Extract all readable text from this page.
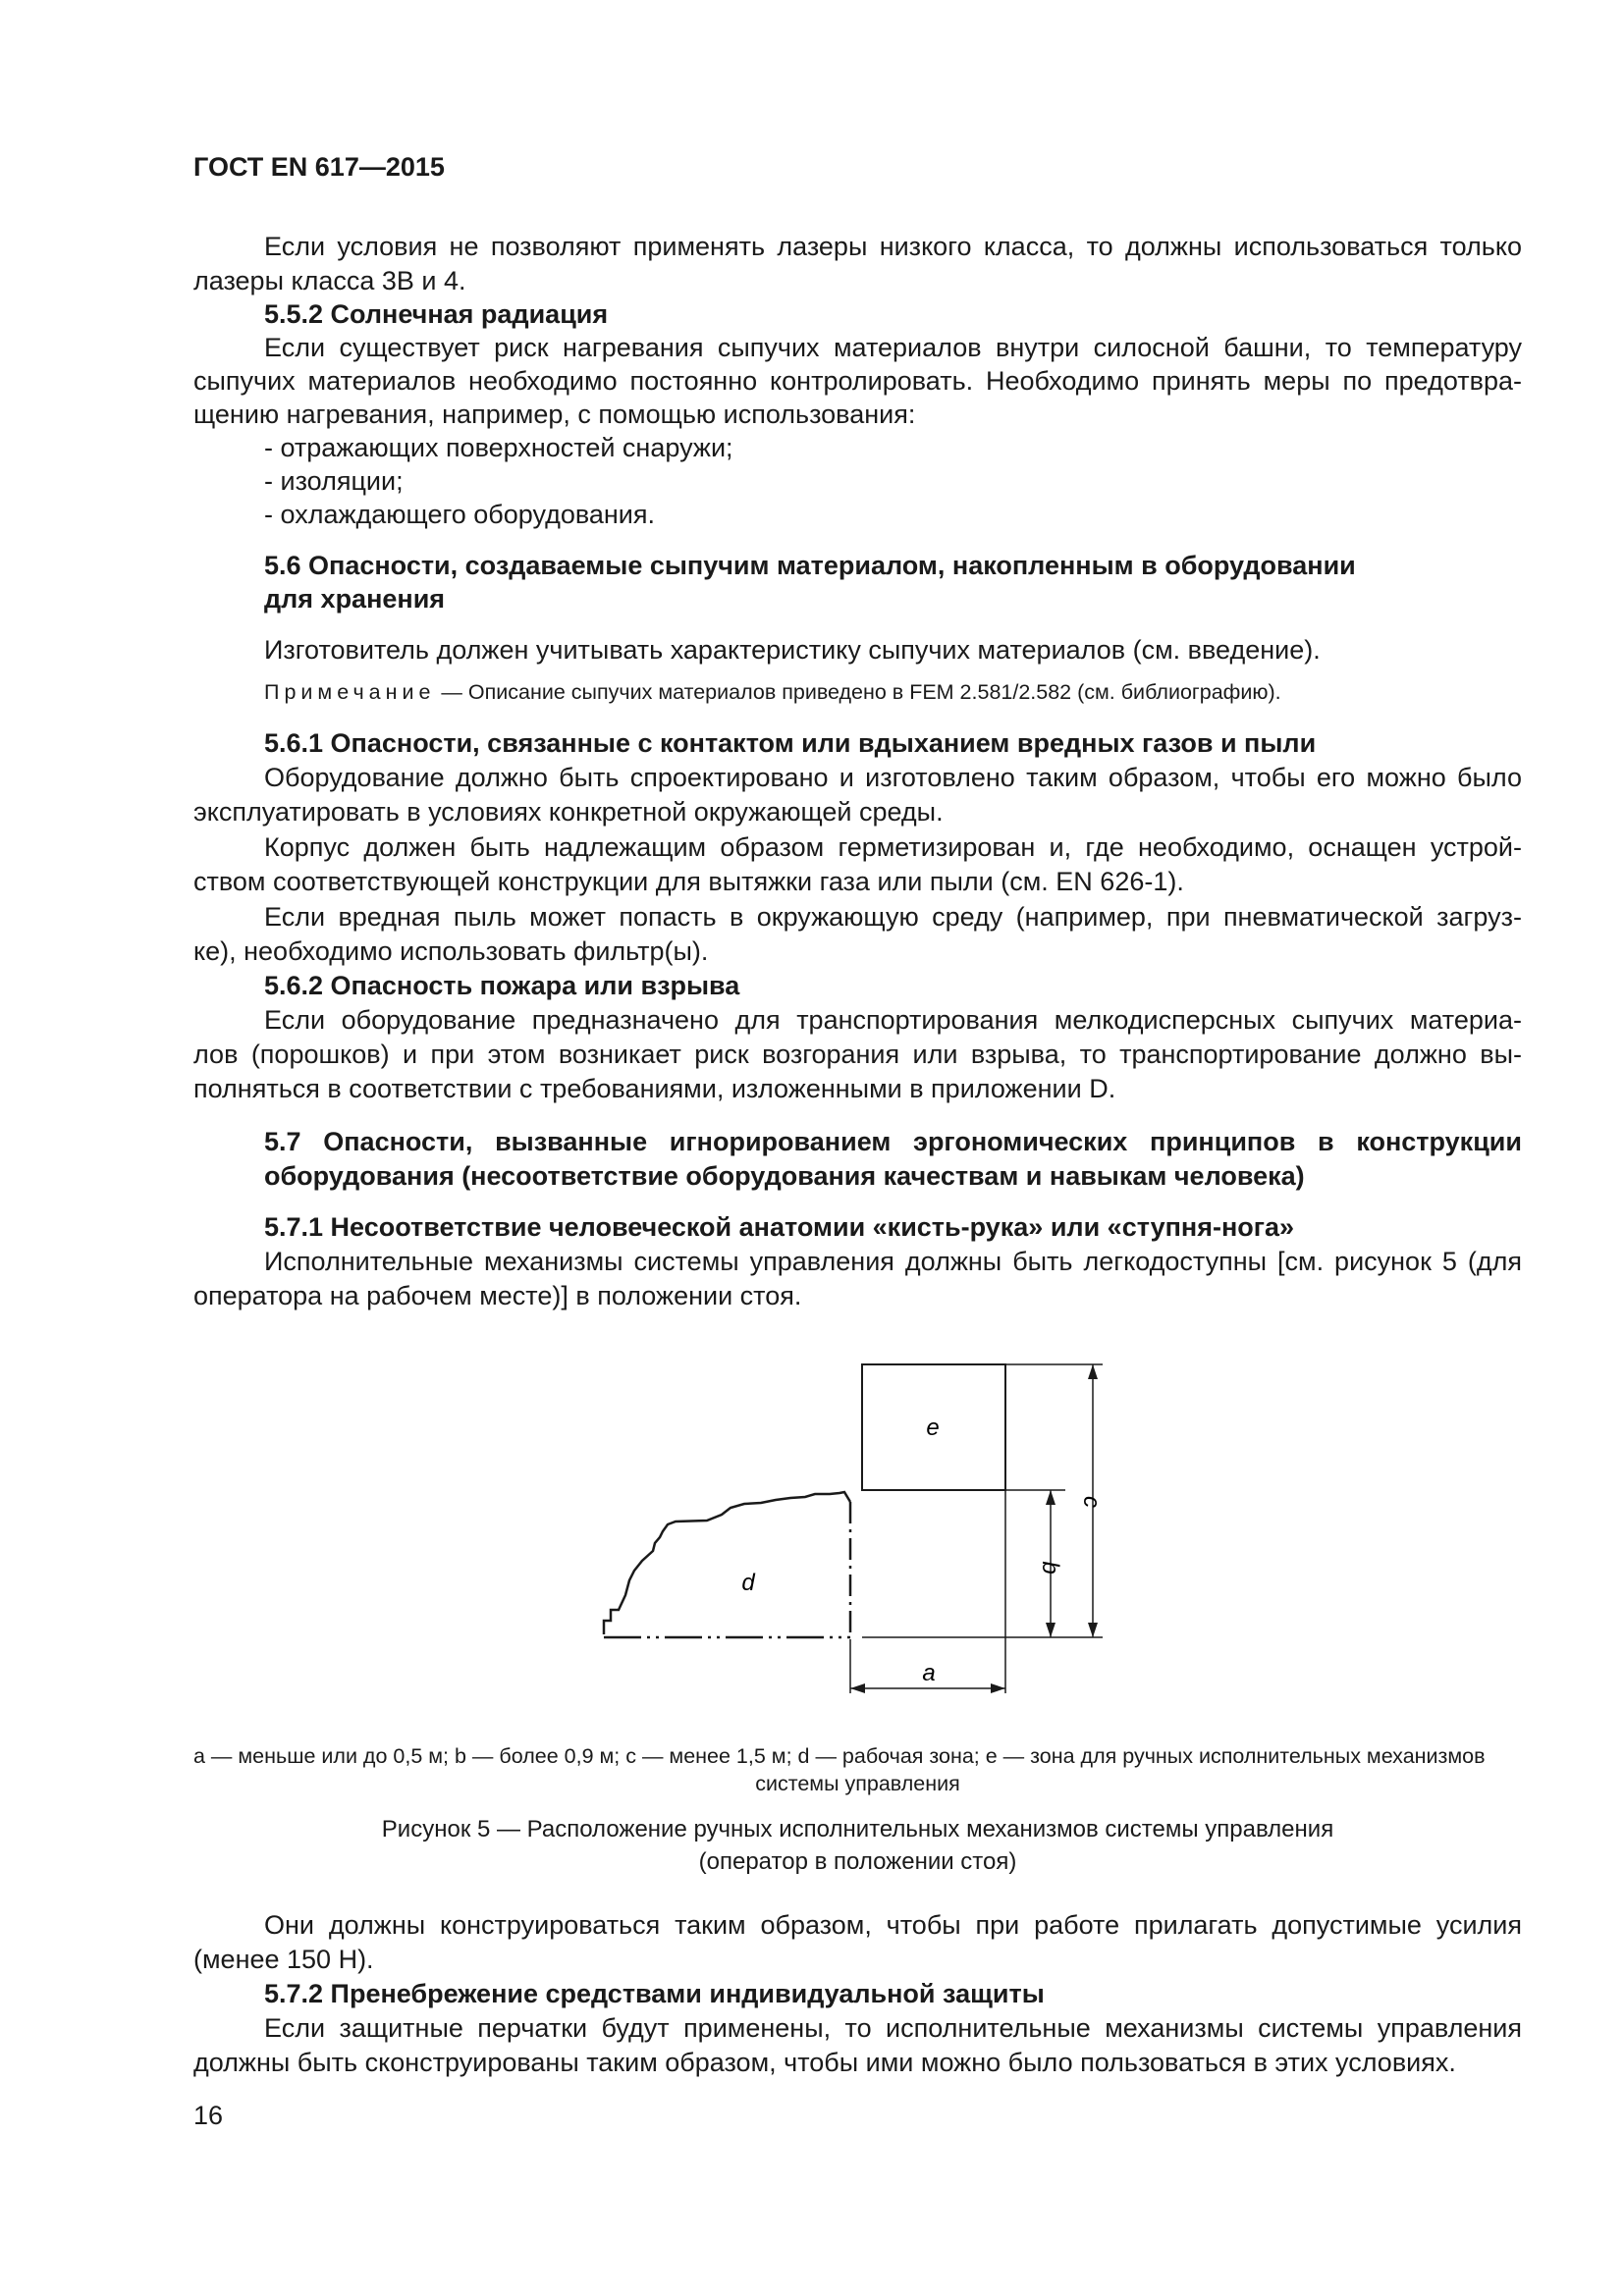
ГОСТ EN 617—2015
Если условия не позволяют применять лазеры низкого класса, то должны использоваться только
лазеры класса 3В и 4.
5.5.2 Солнечная радиация
Если существует риск нагревания сыпучих материалов внутри силосной башни, то температуру
сыпучих материалов необходимо постоянно контролировать. Необходимо принять меры по предотвра-
щению нагревания, например, с помощью использования:
- отражающих поверхностей снаружи;
- изоляции;
- охлаждающего оборудования.
5.6 Опасности, создаваемые сыпучим материалом, накопленным в оборудовании
для хранения
Изготовитель должен учитывать характеристику сыпучих материалов (см. введение).
Примечание — Описание сыпучих материалов приведено в FEM 2.581/2.582 (см. библиографию).
5.6.1 Опасности, связанные с контактом или вдыханием вредных газов и пыли
Оборудование должно быть спроектировано и изготовлено таким образом, чтобы его можно было
эксплуатировать в условиях конкретной окружающей среды.
Корпус должен быть надлежащим образом герметизирован и, где необходимо, оснащен устрой-
ством соответствующей конструкции для вытяжки газа или пыли (см. EN 626-1).
Если вредная пыль может попасть в окружающую среду (например, при пневматической загруз-
ке), необходимо использовать фильтр(ы).
5.6.2 Опасность пожара или взрыва
Если оборудование предназначено для транспортирования мелкодисперсных сыпучих материа-
лов (порошков) и при этом возникает риск возгорания или взрыва, то транспортирование должно вы-
полняться в соответствии с требованиями, изложенными в приложении D.
5.7 Опасности, вызванные игнорированием эргономических принципов в конструкции
оборудования (несоответствие оборудования качествам и навыкам человека)
5.7.1 Несоответствие человеческой анатомии «кисть-рука» или «ступня-нога»
Исполнительные механизмы системы управления должны быть легкодоступны [см. рисунок 5 (для
оператора на рабочем месте)] в положении стоя.
e
d
a
b
c
а — меньше или до 0,5 м; b — более 0,9 м; с — менее 1,5 м; d — рабочая зона; е — зона для ручных исполнительных механизмов
системы управления
Рисунок 5 — Расположение ручных исполнительных механизмов системы управления
(оператор в положении стоя)
Они должны конструироваться таким образом, чтобы при работе прилагать допустимые усилия
(менее 150 Н).
5.7.2 Пренебрежение средствами индивидуальной защиты
Если защитные перчатки будут применены, то исполнительные механизмы системы управления
должны быть сконструированы таким образом, чтобы ими можно было пользоваться в этих условиях.
16
